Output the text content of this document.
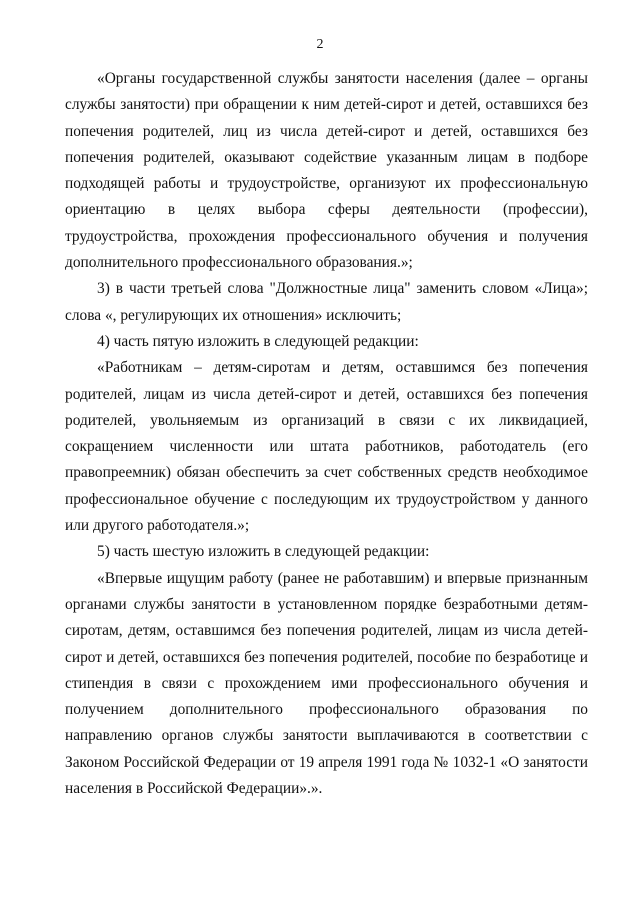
2

«Органы государственной службы занятости населения (далее – органы службы занятости) при обращении к ним детей-сирот и детей, оставшихся без попечения родителей, лиц из числа детей-сирот и детей, оставшихся без попечения родителей, оказывают содействие указанным лицам в подборе подходящей работы и трудоустройстве, организуют их профессиональную ориентацию в целях выбора сферы деятельности (профессии), трудоустройства, прохождения профессионального обучения и получения дополнительного профессионального образования.»;

3) в части третьей слова "Должностные лица" заменить словом «Лица»; слова «, регулирующих их отношения» исключить;

4) часть пятую изложить в следующей редакции:

«Работникам – детям-сиротам и детям, оставшимся без попечения родителей, лицам из числа детей-сирот и детей, оставшихся без попечения родителей, увольняемым из организаций в связи с их ликвидацией, сокращением численности или штата работников, работодатель (его правопреемник) обязан обеспечить за счет собственных средств необходимое профессиональное обучение с последующим их трудоустройством у данного или другого работодателя.»;

5) часть шестую изложить в следующей редакции:

«Впервые ищущим работу (ранее не работавшим) и впервые признанным органами службы занятости в установленном порядке безработными детям-сиротам, детям, оставшимся без попечения родителей, лицам из числа детей-сирот и детей, оставшихся без попечения родителей, пособие по безработице и стипендия в связи с прохождением ими профессионального обучения и получением дополнительного профессионального образования по направлению органов службы занятости выплачиваются в соответствии с Законом Российской Федерации от 19 апреля 1991 года № 1032-1 «О занятости населения в Российской Федерации».».
